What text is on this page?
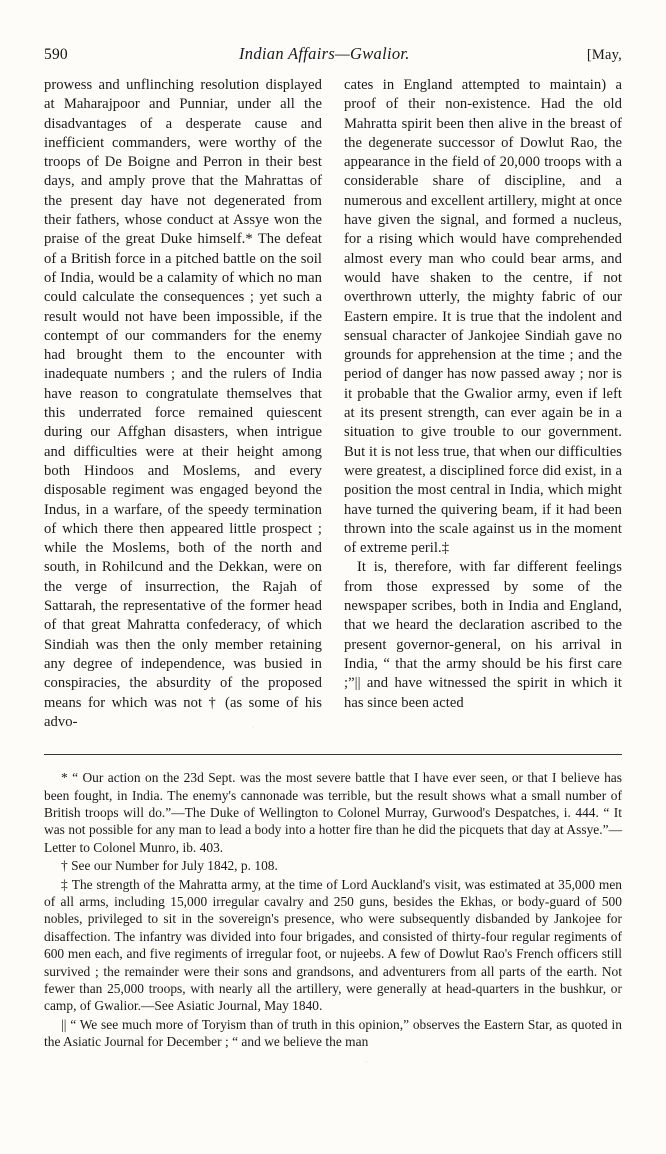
590	Indian Affairs—Gwalior.	[May,

prowess and unflinching resolution displayed at Maharajpoor and Punniar, under all the disadvantages of a desperate cause and inefficient commanders, were worthy of the troops of De Boigne and Perron in their best days, and amply prove that the Mahrattas of the present day have not degenerated from their fathers, whose conduct at Assye won the praise of the great Duke himself.* The defeat of a British force in a pitched battle on the soil of India, would be a calamity of which no man could calculate the consequences ; yet such a result would not have been impossible, if the contempt of our commanders for the enemy had brought them to the encounter with inadequate numbers ; and the rulers of India have reason to congratulate themselves that this underrated force remained quiescent during our Affghan disasters, when intrigue and difficulties were at their height among both Hindoos and Moslems, and every disposable regiment was engaged beyond the Indus, in a warfare, of the speedy termination of which there then appeared little prospect ; while the Moslems, both of the north and south, in Rohilcund and the Dekkan, were on the verge of insurrection, the Rajah of Sattarah, the representative of the former head of that great Mahratta confederacy, of which Sindiah was then the only member retaining any degree of independence, was busied in conspiracies, the absurdity of the proposed means for which was not † (as some of his advo-

cates in England attempted to maintain) a proof of their non-existence. Had the old Mahratta spirit been then alive in the breast of the degenerate successor of Dowlut Rao, the appearance in the field of 20,000 troops with a considerable share of discipline, and a numerous and excellent artillery, might at once have given the signal, and formed a nucleus, for a rising which would have comprehended almost every man who could bear arms, and would have shaken to the centre, if not overthrown utterly, the mighty fabric of our Eastern empire. It is true that the indolent and sensual character of Jankojee Sindiah gave no grounds for apprehension at the time ; and the period of danger has now passed away ; nor is it probable that the Gwalior army, even if left at its present strength, can ever again be in a situation to give trouble to our government. But it is not less true, that when our difficulties were greatest, a disciplined force did exist, in a position the most central in India, which might have turned the quivering beam, if it had been thrown into the scale against us in the moment of extreme peril.‡

It is, therefore, with far different feelings from those expressed by some of the newspaper scribes, both in India and England, that we heard the declaration ascribed to the present governor-general, on his arrival in India, “ that the army should be his first care ;”|| and have witnessed the spirit in which it has since been acted

* “ Our action on the 23d Sept. was the most severe battle that I have ever seen, or that I believe has been fought, in India. The enemy's cannonade was terrible, but the result shows what a small number of British troops will do.”—The Duke of Wellington to Colonel Murray, Gurwood's Despatches, i. 444. “ It was not possible for any man to lead a body into a hotter fire than he did the picquets that day at Assye.”—Letter to Colonel Munro, ib. 403.

† See our Number for July 1842, p. 108.

‡ The strength of the Mahratta army, at the time of Lord Auckland's visit, was estimated at 35,000 men of all arms, including 15,000 irregular cavalry and 250 guns, besides the Ekhas, or body-guard of 500 nobles, privileged to sit in the sovereign's presence, who were subsequently disbanded by Jankojee for disaffection. The infantry was divided into four brigades, and consisted of thirty-four regular regiments of 600 men each, and five regiments of irregular foot, or nujeebs. A few of Dowlut Rao's French officers still survived ; the remainder were their sons and grandsons, and adventurers from all parts of the earth. Not fewer than 25,000 troops, with nearly all the artillery, were generally at head-quarters in the bushkur, or camp, of Gwalior.—See Asiatic Journal, May 1840.

|| “ We see much more of Toryism than of truth in this opinion,” observes the Eastern Star, as quoted in the Asiatic Journal for December ; “ and we believe the man
